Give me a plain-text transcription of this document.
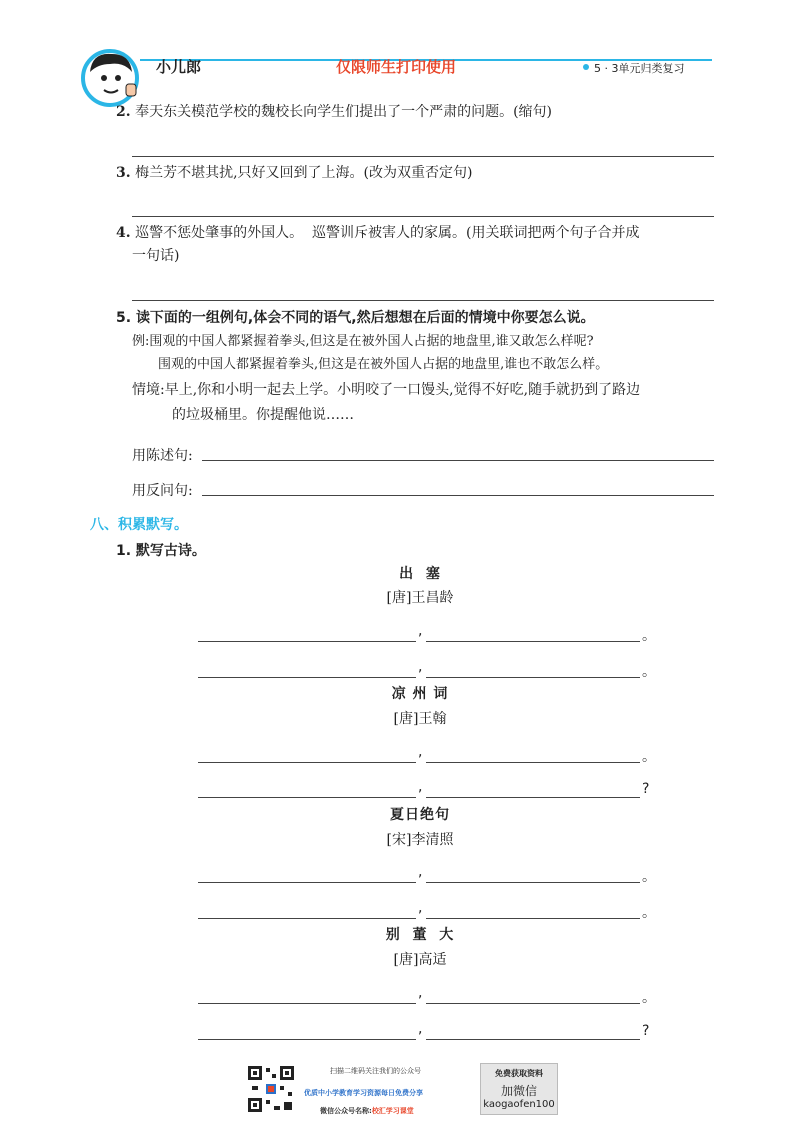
小儿郎	仅限师生打印使用	5 · 3单元归类复习
2. 奉天东关模范学校的魏校长向学生们提出了一个严肃的问题。(缩句)
3. 梅兰芳不堪其扰,只好又回到了上海。(改为双重否定句)
4. 巡警不惩处肇事的外国人。  巡警训斥被害人的家属。(用关联词把两个句子合并成
一句话)
5. 读下面的一组例句,体会不同的语气,然后想想在后面的情境中你要怎么说。
例:围观的中国人都紧握着拳头,但这是在被外国人占据的地盘里,谁又敢怎么样呢?
围观的中国人都紧握着拳头,但这是在被外国人占据的地盘里,谁也不敢怎么样。
情境:早上,你和小明一起去上学。小明咬了一口馒头,觉得不好吃,随手就扔到了路边
的垃圾桶里。你提醒他说……
用陈述句:
用反问句:
八、积累默写。
1. 默写古诗。
出  塞
[唐]王昌龄
凉 州 词
[唐]王翰
夏日绝句
[宋]李清照
别  董  大
[唐]高适
,	。
,	。
,	。
,	?
,	。
,	。
,	。
,	?
扫描二维码关注我们的公众号
优质中小学教育学习资源每日免费分享
微信公众号名称:校汇学习课堂
免费获取资料
加微信
kaogaofen100
